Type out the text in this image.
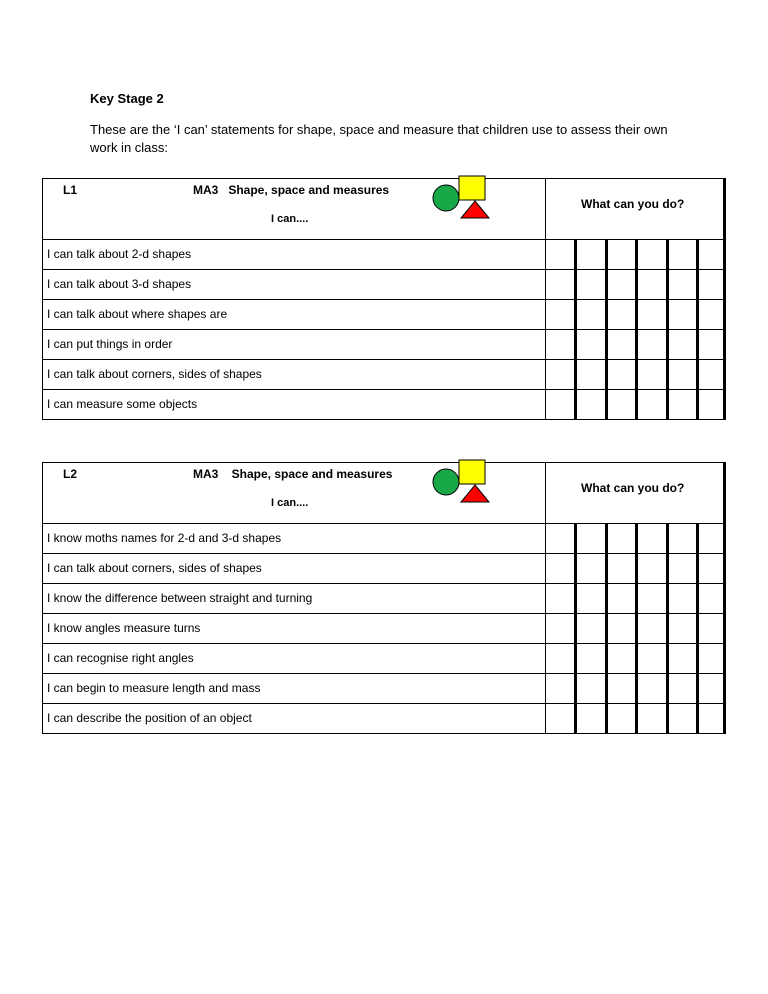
Key Stage 2
These are the ‘I can’ statements for shape, space and measure that children use to assess their own work in class:
L1	MA3   Shape, space and measures
I can....
What can you do?
I can talk about 2-d shapes
I can talk about 3-d shapes
I can talk about where shapes are
I can put things in order
I can talk about corners, sides of shapes
I can measure some objects
L2	MA3    Shape, space and measures
I can....
What can you do?
I know moths names for 2-d and 3-d shapes
I can talk about corners, sides of shapes
I know the difference between straight and turning
I know angles measure turns
I can recognise right angles
I can begin to measure length and mass
I can describe the position of an object
